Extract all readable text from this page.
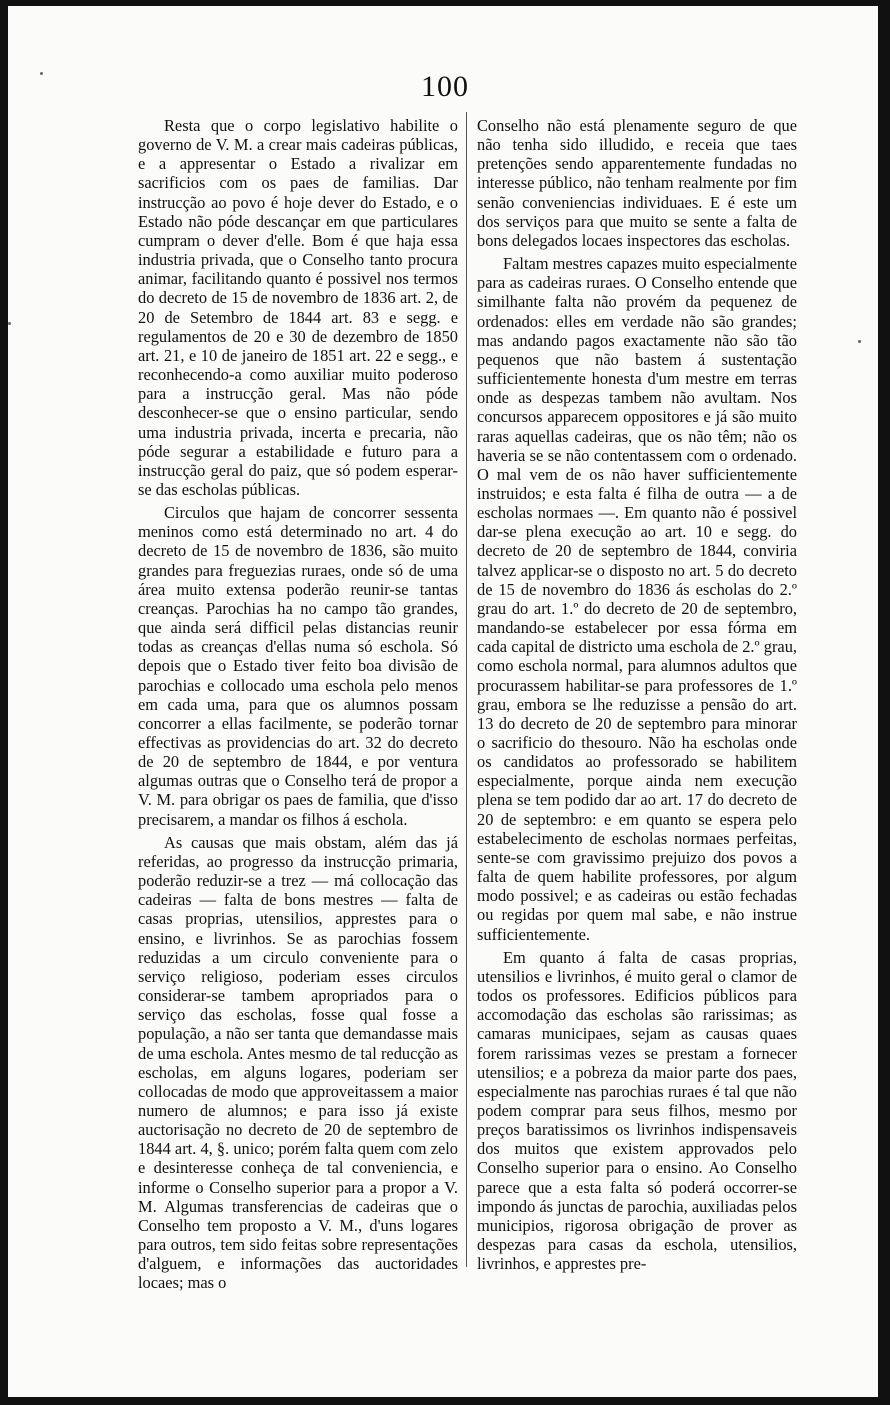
100

Resta que o corpo legislativo habilite o governo de V. M. a crear mais cadeiras públicas, e a appresentar o Estado a rivalizar em sacrificios com os paes de familias. Dar instrucção ao povo é hoje dever do Estado, e o Estado não póde descançar em que particulares cumpram o dever d'elle. Bom é que haja essa industria privada, que o Conselho tanto procura animar, facilitando quanto é possivel nos termos do decreto de 15 de novembro de 1836 art. 2, de 20 de Setembro de 1844 art. 83 e segg. e regulamentos de 20 e 30 de dezembro de 1850 art. 21, e 10 de janeiro de 1851 art. 22 e segg., e reconhecendo-a como auxiliar muito poderoso para a instrucção geral. Mas não póde desconhecer-se que o ensino particular, sendo uma industria privada, incerta e precaria, não póde segurar a estabilidade e futuro para a instrucção geral do paiz, que só podem esperar-se das escholas públicas.

Circulos que hajam de concorrer sessenta meninos como está determinado no art. 4 do decreto de 15 de novembro de 1836, são muito grandes para freguezias ruraes, onde só de uma área muito extensa poderão reunir-se tantas creanças. Parochias ha no campo tão grandes, que ainda será difficil pelas distancias reunir todas as creanças d'ellas numa só eschola. Só depois que o Estado tiver feito boa divisão de parochias e collocado uma eschola pelo menos em cada uma, para que os alumnos possam concorrer a ellas facilmente, se poderão tornar effectivas as providencias do art. 32 do decreto de 20 de septembro de 1844, e por ventura algumas outras que o Conselho terá de propor a V. M. para obrigar os paes de familia, que d'isso precisarem, a mandar os filhos á eschola.

As causas que mais obstam, além das já referidas, ao progresso da instrucção primaria, poderão reduzir-se a trez — má collocação das cadeiras — falta de bons mestres — falta de casas proprias, utensilios, apprestes para o ensino, e livrinhos. Se as parochias fossem reduzidas a um circulo conveniente para o serviço religioso, poderiam esses circulos considerar-se tambem apropriados para o serviço das escholas, fosse qual fosse a população, a não ser tanta que demandasse mais de uma eschola. Antes mesmo de tal reducção as escholas, em alguns logares, poderiam ser collocadas de modo que approveitassem a maior numero de alumnos; e para isso já existe auctorisação no decreto de 20 de septembro de 1844 art. 4, §. unico; porém falta quem com zelo e desinteresse conheça de tal conveniencia, e informe o Conselho superior para a propor a V. M. Algumas transferencias de cadeiras que o Conselho tem proposto a V. M., d'uns logares para outros, tem sido feitas sobre representações d'alguem, e informações das auctoridades locaes; mas o

Conselho não está plenamente seguro de que não tenha sido illudido, e receia que taes pretenções sendo apparentemente fundadas no interesse público, não tenham realmente por fim senão conveniencias individuaes. E é este um dos serviços para que muito se sente a falta de bons delegados locaes inspectores das escholas.

Faltam mestres capazes muito especialmente para as cadeiras ruraes. O Conselho entende que similhante falta não provém da pequenez de ordenados: elles em verdade não são grandes; mas andando pagos exactamente não são tão pequenos que não bastem á sustentação sufficientemente honesta d'um mestre em terras onde as despezas tambem não avultam. Nos concursos apparecem oppositores e já são muito raras aquellas cadeiras, que os não têm; não os haveria se se não contentassem com o ordenado. O mal vem de os não haver sufficientemente instruidos; e esta falta é filha de outra — a de escholas normaes —. Em quanto não é possivel dar-se plena execução ao art. 10 e segg. do decreto de 20 de septembro de 1844, conviria talvez applicar-se o disposto no art. 5 do decreto de 15 de novembro do 1836 ás escholas do 2.º grau do art. 1.º do decreto de 20 de septembro, mandando-se estabelecer por essa fórma em cada capital de districto uma eschola de 2.º grau, como eschola normal, para alumnos adultos que procurassem habilitar-se para professores de 1.º grau, embora se lhe reduzisse a pensão do art. 13 do decreto de 20 de septembro para minorar o sacrificio do thesouro. Não ha escholas onde os candidatos ao professorado se habilitem especialmente, porque ainda nem execução plena se tem podido dar ao art. 17 do decreto de 20 de septembro: e em quanto se espera pelo estabelecimento de escholas normaes perfeitas, sente-se com gravissimo prejuizo dos povos a falta de quem habilite professores, por algum modo possivel; e as cadeiras ou estão fechadas ou regidas por quem mal sabe, e não instrue sufficientemente.

Em quanto á falta de casas proprias, utensilios e livrinhos, é muito geral o clamor de todos os professores. Edificios públicos para accomodação das escholas são rarissimas; as camaras municipaes, sejam as causas quaes forem rarissimas vezes se prestam a fornecer utensilios; e a pobreza da maior parte dos paes, especialmente nas parochias ruraes é tal que não podem comprar para seus filhos, mesmo por preços baratissimos os livrinhos indispensaveis dos muitos que existem approvados pelo Conselho superior para o ensino. Ao Conselho parece que a esta falta só poderá occorrer-se impondo ás junctas de parochia, auxiliadas pelos municipios, rigorosa obrigação de prover as despezas para casas da eschola, utensilios, livrinhos, e apprestes pre-
